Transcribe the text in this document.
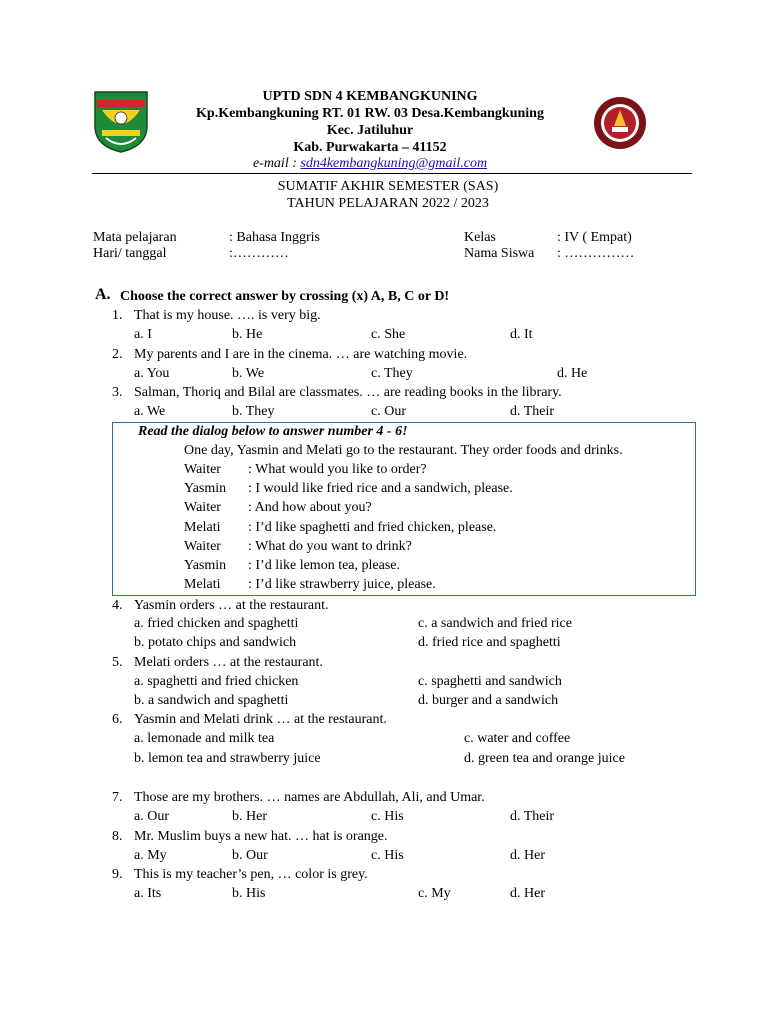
UPTD SDN 4 KEMBANGKUNING
Kp.Kembangkuning RT. 01 RW. 03 Desa.Kembangkuning
Kec. Jatiluhur
Kab. Purwakarta – 41152
e-mail : sdn4kembangkuning@gmail.com
SUMATIF AKHIR SEMESTER (SAS)
TAHUN PELAJARAN 2022 / 2023
Mata pelajaran	: Bahasa Inggris
Hari/ tanggal	:…………
Kelas	: IV ( Empat)
Nama Siswa : ……………
A. Choose the correct answer by crossing (x) A, B, C or D!
1. That is my house. …. is very big.
a. I	b. He	c. She	d. It
2. My parents and I are in the cinema. … are watching movie.
a. You	b. We	c. They	d. He
3. Salman, Thoriq and Bilal are classmates. … are reading books in the library.
a. We	b. They	c. Our	d. Their
Read the dialog below to answer number 4 - 6!
One day, Yasmin and Melati go to the restaurant. They order foods and drinks.
Waiter : What would you like to order?
Yasmin : I would like fried rice and a sandwich, please.
Waiter : And how about you?
Melati : I’d like spaghetti and fried chicken, please.
Waiter : What do you want to drink?
Yasmin : I’d like lemon tea, please.
Melati : I’d like strawberry juice, please.
4. Yasmin orders … at the restaurant.
a. fried chicken and spaghetti
b. potato chips and sandwich
c. a sandwich and fried rice
d. fried rice and spaghetti
5. Melati orders … at the restaurant.
a. spaghetti and fried chicken
b. a sandwich and spaghetti
c. spaghetti and sandwich
d. burger and a sandwich
6. Yasmin and Melati drink … at the restaurant.
a. lemonade and milk tea
b. lemon tea and strawberry juice
c. water and coffee
d. green tea and orange juice
7. Those are my brothers. … names are Abdullah, Ali, and Umar.
a. Our	b. Her	c. His	d. Their
8. Mr. Muslim buys a new hat. … hat is orange.
a. My	b. Our	c. His	d. Her
9. This is my teacher’s pen, … color is grey.
a. Its	b. His	c. My	d. Her
